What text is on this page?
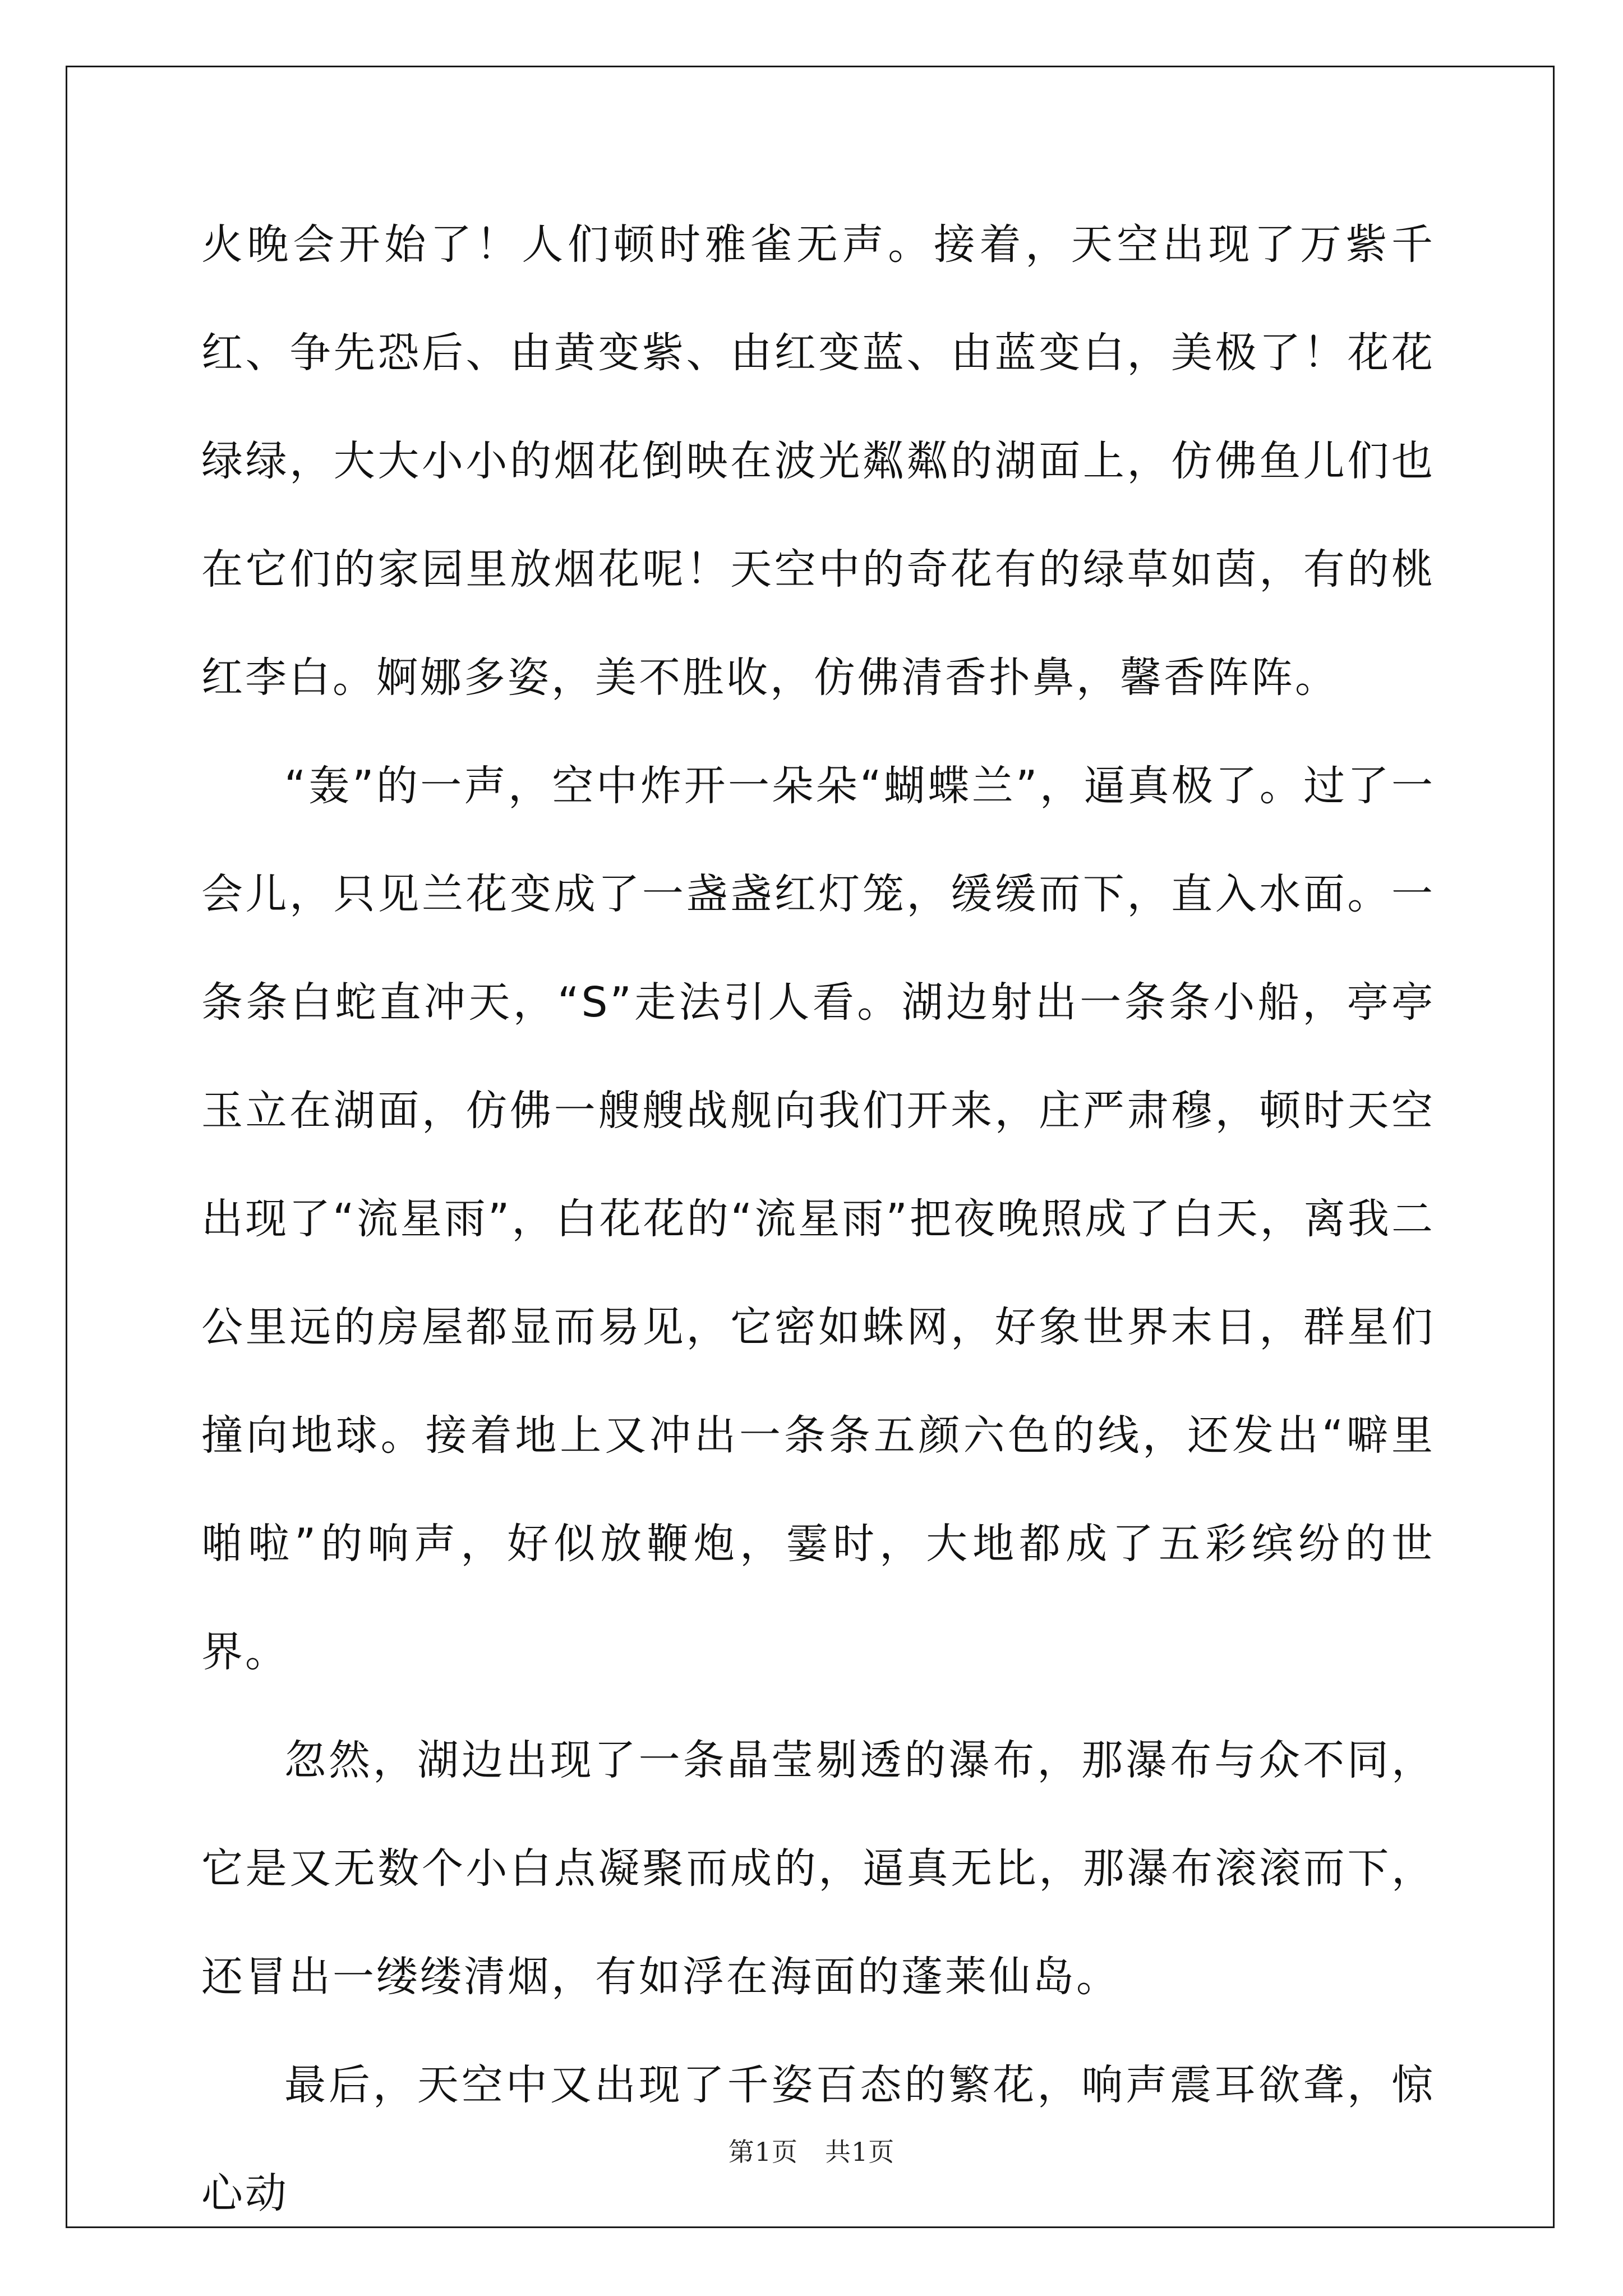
火晚会开始了！人们顿时雅雀无声。接着，天空出现了万紫千红、争先恐后、由黄变紫、由红变蓝、由蓝变白，美极了！花花绿绿，大大小小的烟花倒映在波光粼粼的湖面上，仿佛鱼儿们也在它们的家园里放烟花呢！天空中的奇花有的绿草如茵，有的桃红李白。婀娜多姿，美不胜收，仿佛清香扑鼻，馨香阵阵。

“轰”的一声，空中炸开一朵朵“蝴蝶兰”，逼真极了。过了一会儿，只见兰花变成了一盏盏红灯笼，缓缓而下，直入水面。一条条白蛇直冲天，“S”走法引人看。湖边射出一条条小船，亭亭玉立在湖面，仿佛一艘艘战舰向我们开来，庄严肃穆，顿时天空出现了“流星雨”，白花花的“流星雨”把夜晚照成了白天，离我二公里远的房屋都显而易见，它密如蛛网，好象世界末日，群星们撞向地球。接着地上又冲出一条条五颜六色的线，还发出“噼里啪啦”的响声，好似放鞭炮，霎时，大地都成了五彩缤纷的世界。

忽然，湖边出现了一条晶莹剔透的瀑布，那瀑布与众不同，它是又无数个小白点凝聚而成的，逼真无比，那瀑布滚滚而下，还冒出一缕缕清烟，有如浮在海面的蓬莱仙岛。

最后，天空中又出现了千姿百态的繁花，响声震耳欲聋，惊心动

第1页 共1页
